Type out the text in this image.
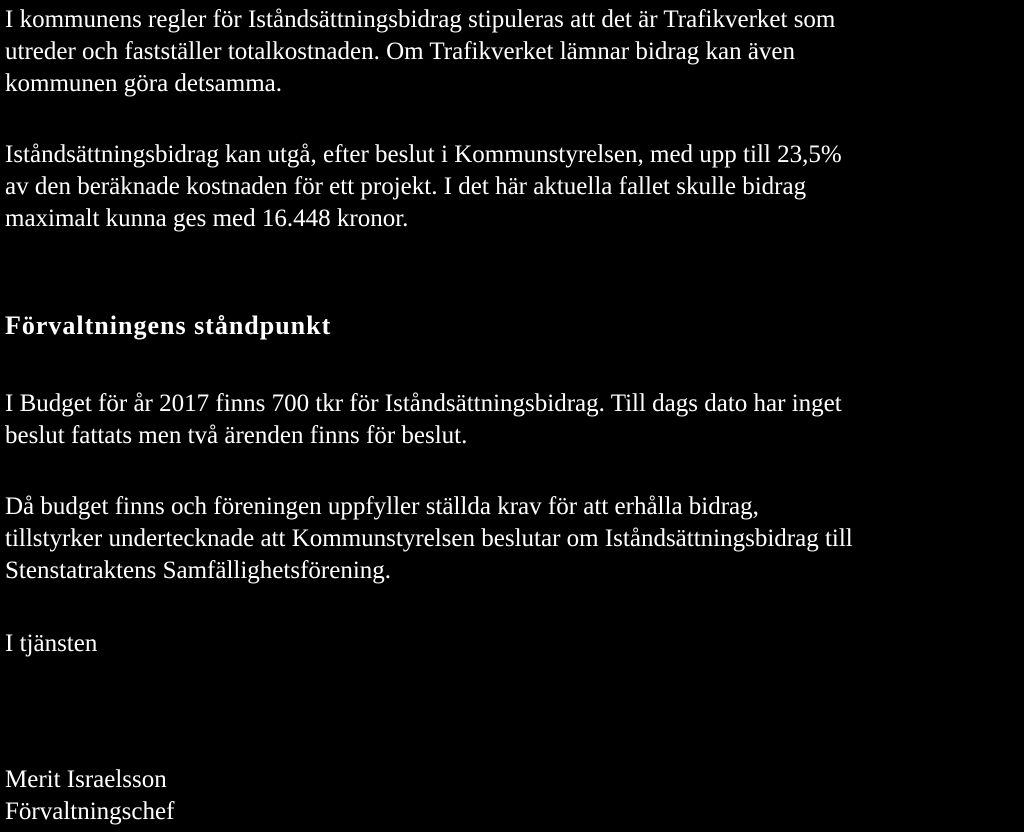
I kommunens regler för Iståndsättningsbidrag stipuleras att det är Trafikverket som
utreder och fastställer totalkostnaden. Om Trafikverket lämnar bidrag kan även
kommunen göra detsamma.

Iståndsättningsbidrag kan utgå, efter beslut i Kommunstyrelsen, med upp till 23,5%
av den beräknade kostnaden för ett projekt. I det här aktuella fallet skulle bidrag
maximalt kunna ges med 16.448 kronor.

Förvaltningens ståndpunkt

I Budget för år 2017 finns 700 tkr för Iståndsättningsbidrag. Till dags dato har inget
beslut fattats men två ärenden finns för beslut.

Då budget finns och föreningen uppfyller ställda krav för att erhålla bidrag,
tillstyrker undertecknade att Kommunstyrelsen beslutar om Iståndsättningsbidrag till
Stenstatraktens Samfällighetsförening.

I tjänsten

Merit Israelsson
Förvaltningschef
